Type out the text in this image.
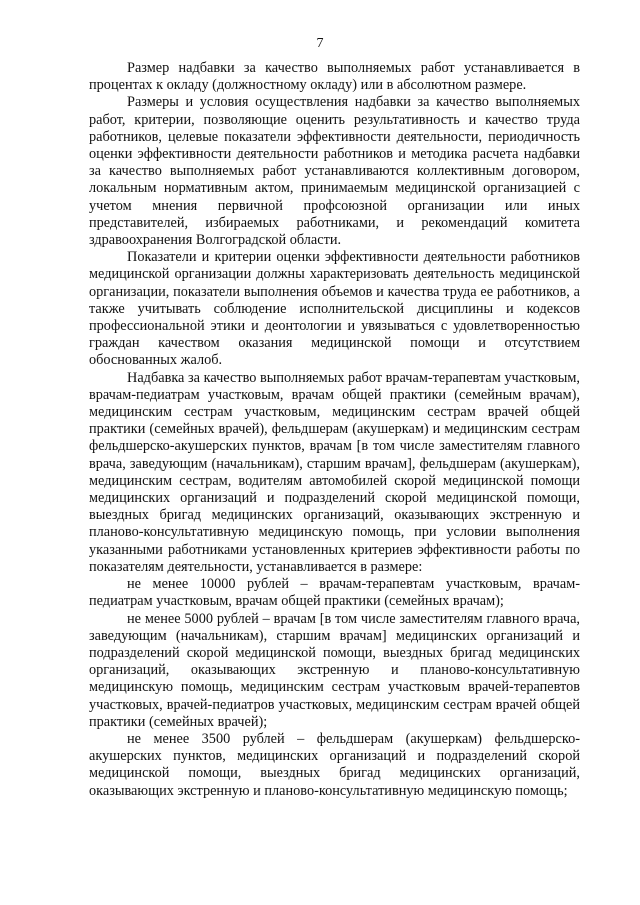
7

Размер надбавки за качество выполняемых работ устанавливается в процентах к окладу (должностному окладу) или в абсолютном размере.

Размеры и условия осуществления надбавки за качество выполняемых работ, критерии, позволяющие оценить результативность и качество труда работников, целевые показатели эффективности деятельности, периодичность оценки эффективности деятельности работников и методика расчета надбавки за качество выполняемых работ устанавливаются коллективным договором, локальным нормативным актом, принимаемым медицинской организацией с учетом мнения первичной профсоюзной организации или иных представителей, избираемых работниками, и рекомендаций комитета здравоохранения Волгоградской области.

Показатели и критерии оценки эффективности деятельности работников медицинской организации должны характеризовать деятельность медицинской организации, показатели выполнения объемов и качества труда ее работников, а также учитывать соблюдение исполнительской дисциплины и кодексов профессиональной этики и деонтологии и увязываться с удовлетворенностью граждан качеством оказания медицинской помощи и отсутствием обоснованных жалоб.

Надбавка за качество выполняемых работ врачам-терапевтам участковым, врачам-педиатрам участковым, врачам общей практики (семейным врачам), медицинским сестрам участковым, медицинским сестрам врачей общей практики (семейных врачей), фельдшерам (акушеркам) и медицинским сестрам фельдшерско-акушерских пунктов, врачам [в том числе заместителям главного врача, заведующим (начальникам), старшим врачам], фельдшерам (акушеркам), медицинским сестрам, водителям автомобилей скорой медицинской помощи медицинских организаций и подразделений скорой медицинской помощи, выездных бригад медицинских организаций, оказывающих экстренную и планово-консультативную медицинскую помощь, при условии выполнения указанными работниками установленных критериев эффективности работы по показателям деятельности, устанавливается в размере:

не менее 10000 рублей – врачам-терапевтам участковым, врачам-педиатрам участковым, врачам общей практики (семейных врачам);

не менее 5000 рублей – врачам [в том числе заместителям главного врача, заведующим (начальникам), старшим врачам] медицинских организаций и подразделений скорой медицинской помощи, выездных бригад медицинских организаций, оказывающих экстренную и планово-консультативную медицинскую помощь, медицинским сестрам участковым врачей-терапевтов участковых, врачей-педиатров участковых, медицинским сестрам врачей общей практики (семейных врачей);

не менее 3500 рублей – фельдшерам (акушеркам) фельдшерско-акушерских пунктов, медицинских организаций и подразделений скорой медицинской помощи, выездных бригад медицинских организаций, оказывающих экстренную и планово-консультативную медицинскую помощь;
